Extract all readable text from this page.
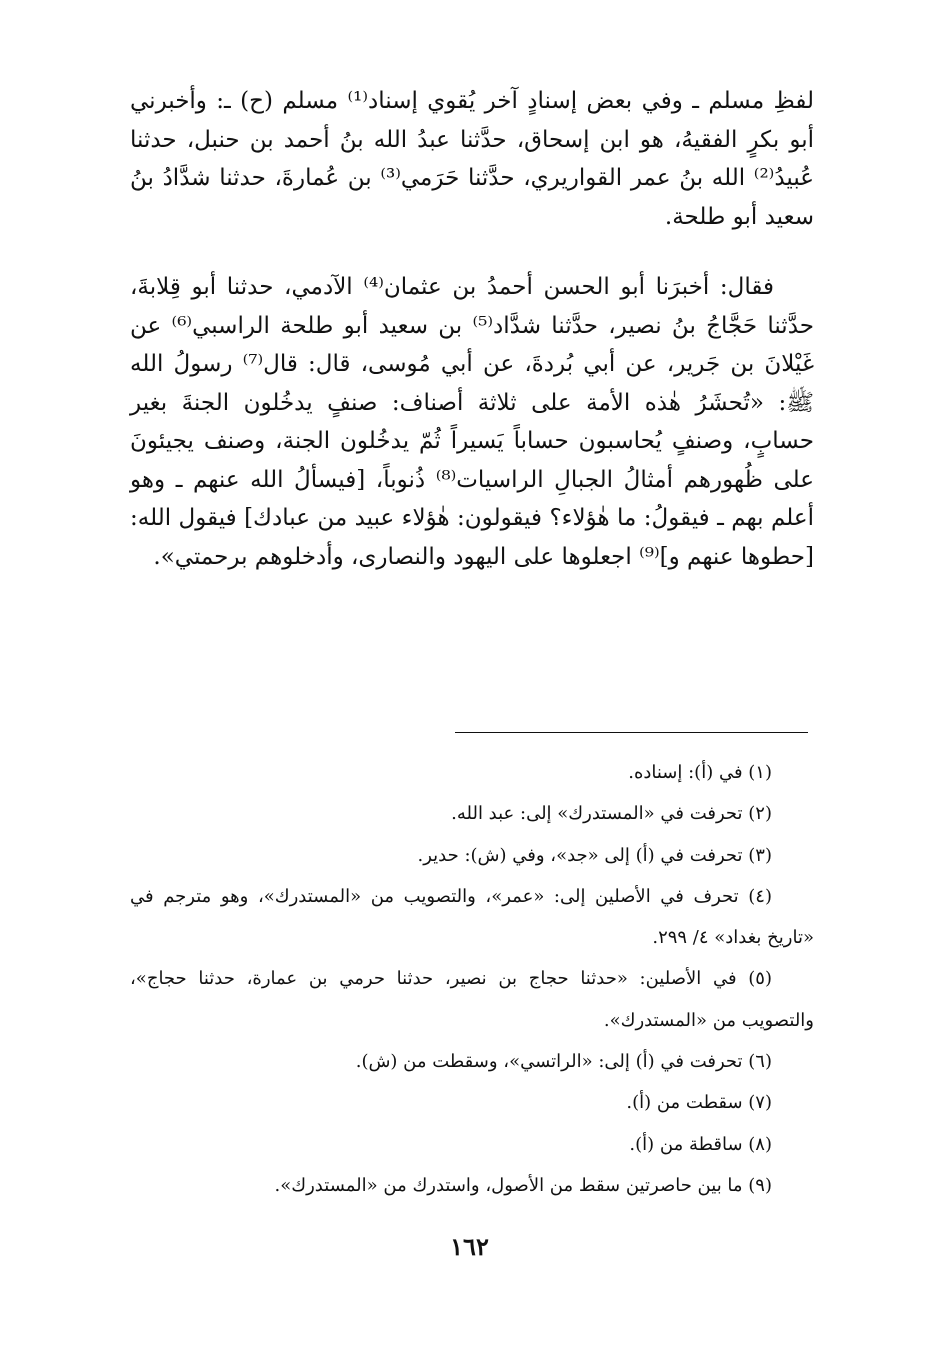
لفظِ مسلم ـ وفي بعض إسنادٍ آخر يُقوي إسناد⁽¹⁾ مسلم (ح) ـ: وأخبرني أبو بكرٍ الفقيهُ، هو ابن إسحاق، حدَّثنا عبدُ الله بنُ أحمد بن حنبل، حدثنا عُبيدُ⁽²⁾ الله بنُ عمر القواريري، حدَّثنا حَرَمي⁽³⁾ بن عُمارةَ، حدثنا شدَّادُ بنُ سعيد أبو طلحة.

فقال: أخبرَنا أبو الحسن أحمدُ بن عثمان⁽⁴⁾ الآدمي، حدثنا أبو قِلابةَ، حدَّثنا حَجَّاجُ بنُ نصير، حدَّثنا شدَّاد⁽⁵⁾ بن سعيد أبو طلحة الراسبي⁽⁶⁾ عن غَيْلانَ بن جَرير، عن أبي بُردةَ، عن أبي مُوسى، قال: قال⁽⁷⁾ رسولُ الله ﷺ: «تُحشَرُ هٰذه الأمة على ثلاثة أصناف: صنفٍ يدخُلون الجنةَ بغير حسابٍ، وصنفٍ يُحاسبون حساباً يَسيراً ثُمّ يدخُلون الجنة، وصنف يجيئونَ على ظُهورهم أمثالُ الجبالِ الراسيات⁽⁸⁾ ذُنوباً، [فيسألُ الله عنهم ـ وهو أعلم بهم ـ فيقولُ: ما هٰؤلاء؟ فيقولون: هٰؤلاء عبيد من عبادك] فيقول الله: [حطوها عنهم و]⁽⁹⁾ اجعلوها على اليهود والنصارى، وأدخلوهم برحمتي».

(١) في (أ): إسناده.

(٢) تحرفت في «المستدرك» إلى: عبد الله.

(٣) تحرفت في (أ) إلى «جد»، وفي (ش): حدير.

(٤) تحرف في الأصلين إلى: «عمر»، والتصويب من «المستدرك»، وهو مترجم في «تاريخ بغداد» ٤/ ٢٩٩.

(٥) في الأصلين: «حدثنا حجاج بن نصير، حدثنا حرمي بن عمارة، حدثنا حجاج»، والتصويب من «المستدرك».

(٦) تحرفت في (أ) إلى: «الراتسي»، وسقطت من (ش).

(٧) سقطت من (أ).

(٨) ساقطة من (أ).

(٩) ما بين حاصرتين سقط من الأصول، واستدرك من «المستدرك».

١٦٢
